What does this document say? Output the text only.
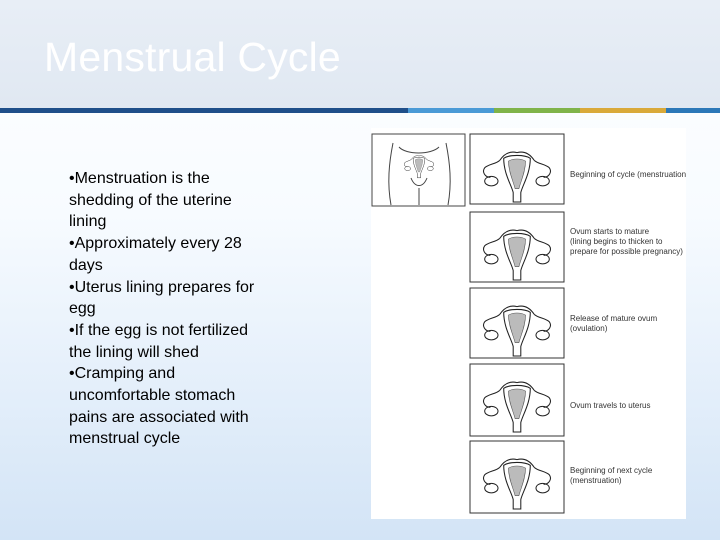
Menstrual Cycle
•Menstruation is the
shedding of the uterine
lining
•Approximately every 28
days
•Uterus lining prepares for
egg
•If the egg is not fertilized
the lining will shed
•Cramping and
uncomfortable stomach
pains are associated with
menstrual cycle
Beginning of cycle (menstruation)
Ovum starts to mature
(lining begins to thicken to
prepare for possible pregnancy)
Release of mature ovum
(ovulation)
Ovum travels to uterus
Beginning of next cycle
(menstruation)
